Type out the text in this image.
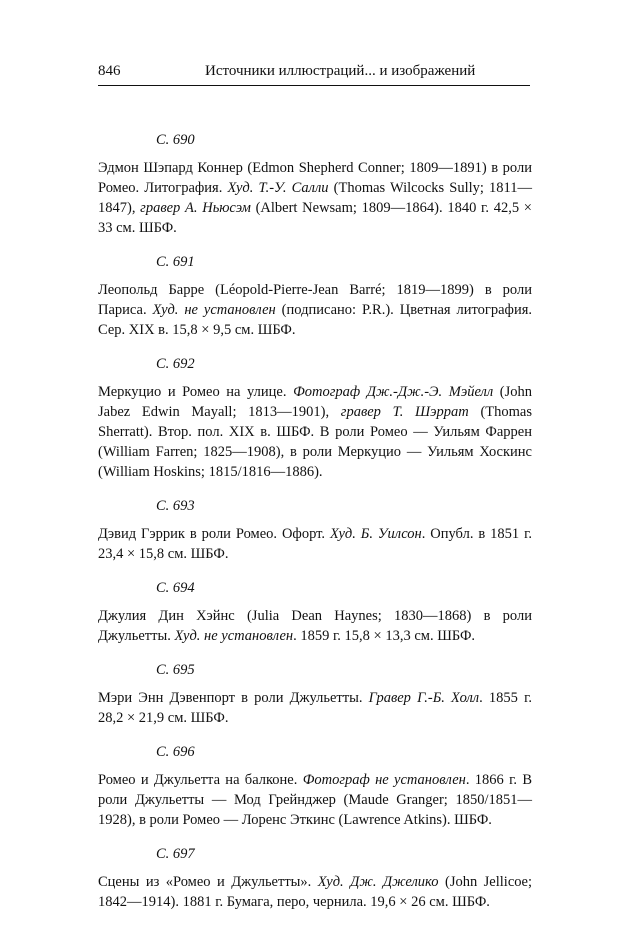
846	Источники иллюстраций... и изображений
С. 690

Эдмон Шэпард Коннер (Edmon Shepherd Conner; 1809—1891) в роли Ромео. Литография. Худ. Т.-У. Салли (Thomas Wilcocks Sully; 1811—1847), гравер А. Ньюсэм (Albert Newsam; 1809—1864). 1840 г. 42,5 × 33 см. ШБФ.

С. 691

Леопольд Барре (Léopold-Pierre-Jean Barré; 1819—1899) в роли Париса. Худ. не установлен (подписано: P.R.). Цветная литография. Сер. XIX в. 15,8 × 9,5 см. ШБФ.

С. 692

Меркуцио и Ромео на улице. Фотограф Дж.-Дж.-Э. Мэйелл (John Jabez Edwin Mayall; 1813—1901), гравер Т. Шэррат (Thomas Sherratt). Втор. пол. XIX в. ШБФ. В роли Ромео — Уильям Фаррен (William Farren; 1825—1908), в роли Меркуцио — Уильям Хоскинс (William Hoskins; 1815/1816—1886).

С. 693

Дэвид Гэррик в роли Ромео. Офорт. Худ. Б. Уилсон. Опубл. в 1851 г. 23,4 × 15,8 см. ШБФ.

С. 694

Джулия Дин Хэйнс (Julia Dean Haynes; 1830—1868) в роли Джульетты. Худ. не установлен. 1859 г. 15,8 × 13,3 см. ШБФ.

С. 695

Мэри Энн Дэвенпорт в роли Джульетты. Гравер Г.-Б. Холл. 1855 г. 28,2 × 21,9 см. ШБФ.

С. 696

Ромео и Джульетта на балконе. Фотограф не установлен. 1866 г. В роли Джульетты — Мод Грейнджер (Maude Granger; 1850/1851—1928), в роли Ромео — Лоренс Эткинс (Lawrence Atkins). ШБФ.

С. 697

Сцены из «Ромео и Джульетты». Худ. Дж. Джелико (John Jellicoe; 1842—1914). 1881 г. Бумага, перо, чернила. 19,6 × 26 см. ШБФ.
